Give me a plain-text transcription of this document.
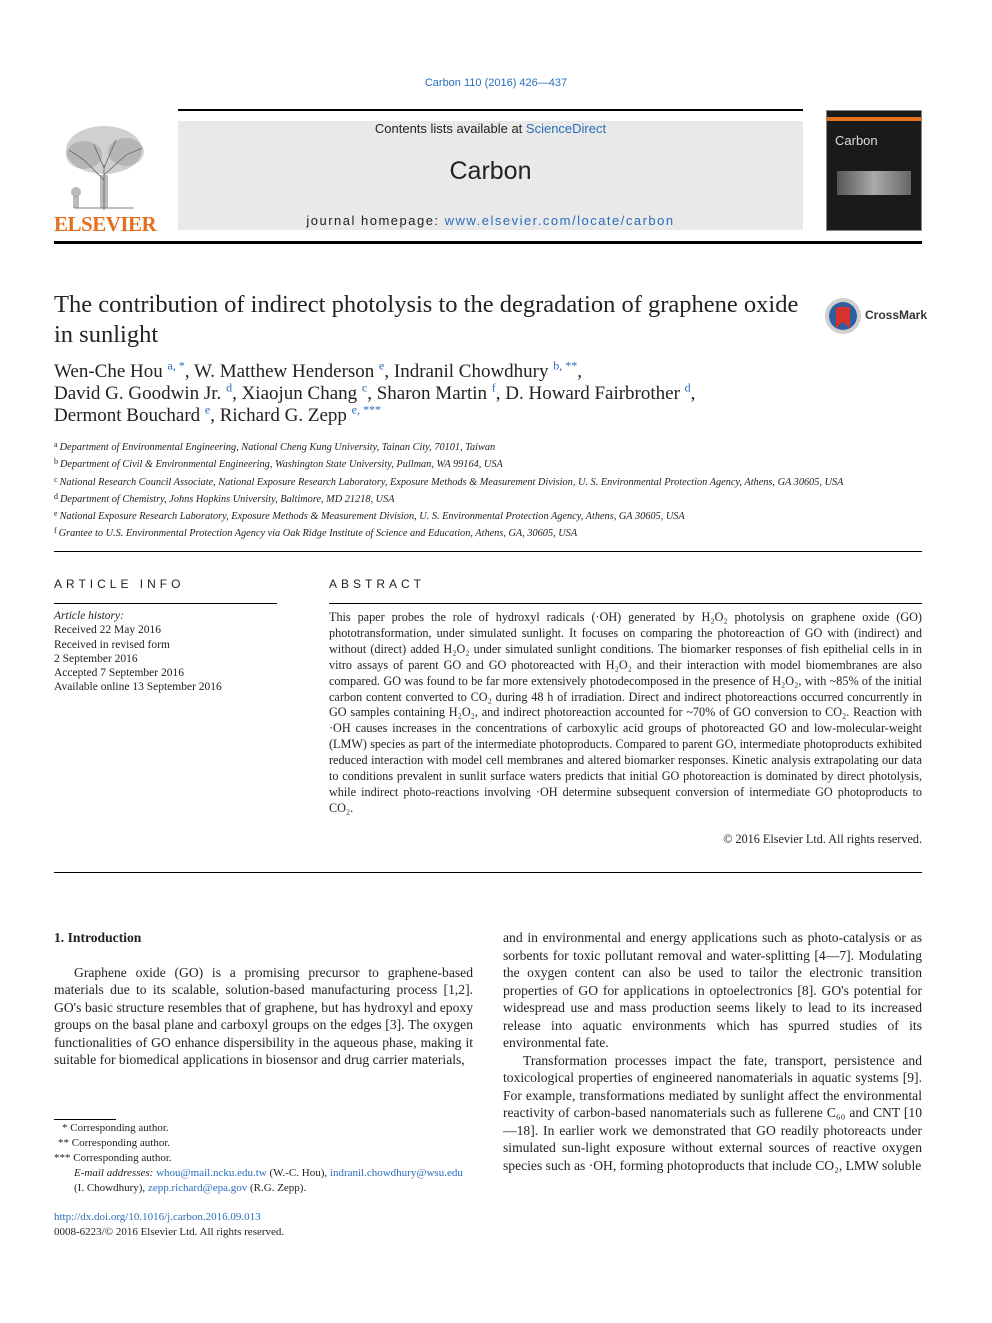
Carbon 110 (2016) 426—437
ELSEVIER
Contents lists available at ScienceDirect
Carbon
journal homepage: www.elsevier.com/locate/carbon
Carbon
The contribution of indirect photolysis to the degradation of graphene oxide in sunlight
CrossMark
Wen-Che Hou $^{a, *}$, W. Matthew Henderson $^e$, Indranil Chowdhury $^{b, **}$,
David G. Goodwin Jr. $^d$, Xiaojun Chang $^c$, Sharon Martin $^f$, D. Howard Fairbrother $^d$,
Dermont Bouchard $^e$, Richard G. Zepp $^{e, ***}$
$^a$ Department of Environmental Engineering, National Cheng Kung University, Tainan City, 70101, Taiwan
$^b$ Department of Civil & Environmental Engineering, Washington State University, Pullman, WA 99164, USA
$^c$ National Research Council Associate, National Exposure Research Laboratory, Exposure Methods & Measurement Division, U. S. Environmental Protection Agency, Athens, GA 30605, USA
$^d$ Department of Chemistry, Johns Hopkins University, Baltimore, MD 21218, USA
$^e$ National Exposure Research Laboratory, Exposure Methods & Measurement Division, U. S. Environmental Protection Agency, Athens, GA 30605, USA
$^f$ Grantee to U.S. Environmental Protection Agency via Oak Ridge Institute of Science and Education, Athens, GA, 30605, USA
ARTICLE INFO
Article history:
Received 22 May 2016
Received in revised form
2 September 2016
Accepted 7 September 2016
Available online 13 September 2016
ABSTRACT
This paper probes the role of hydroxyl radicals (·OH) generated by H₂O₂ photolysis on graphene oxide (GO) phototransformation, under simulated sunlight. It focuses on comparing the photoreaction of GO with (indirect) and without (direct) added H₂O₂ under simulated sunlight conditions. The biomarker responses of fish epithelial cells in in vitro assays of parent GO and GO photoreacted with H₂O₂ and their interaction with model biomembranes are also compared. GO was found to be far more extensively photodecomposed in the presence of H₂O₂, with ~85% of the initial carbon content converted to CO₂ during 48 h of irradiation. Direct and indirect photoreactions occurred concurrently in GO samples containing H₂O₂, and indirect photoreaction accounted for ~70% of GO conversion to CO₂. Reaction with ·OH causes increases in the concentrations of carboxylic acid groups of photoreacted GO and low-molecular-weight (LMW) species as part of the intermediate photoproducts. Compared to parent GO, intermediate photoproducts exhibited reduced interaction with model cell membranes and altered biomarker responses. Kinetic analysis extrapolating our data to conditions prevalent in sunlit surface waters predicts that initial GO photoreaction is dominated by direct photolysis, while indirect photo-reactions involving ·OH determine subsequent conversion of intermediate GO photoproducts to CO₂.
© 2016 Elsevier Ltd. All rights reserved.
1. Introduction

Graphene oxide (GO) is a promising precursor to graphene-based materials due to its scalable, solution-based manufacturing process [1,2]. GO's basic structure resembles that of graphene, but has hydroxyl and epoxy groups on the basal plane and carboxyl groups on the edges [3]. The oxygen functionalities of GO enhance dispersibility in the aqueous phase, making it suitable for biomedical applications in biosensor and drug carrier materials,

and in environmental and energy applications such as photo-catalysis or as sorbents for toxic pollutant removal and water-splitting [4—7]. Modulating the oxygen content can also be used to tailor the electronic transition properties of GO for applications in optoelectronics [8]. GO's potential for widespread use and mass production seems likely to lead to its increased release into aquatic environments which has spurred studies of its environmental fate.

Transformation processes impact the fate, transport, persistence and toxicological properties of engineered nanomaterials in aquatic systems [9]. For example, transformations mediated by sunlight affect the environmental reactivity of carbon-based nanomaterials such as fullerene C₆₀ and CNT [10—18]. In earlier work we demonstrated that GO readily photoreacts under simulated sun-light exposure without external sources of reactive oxygen species such as ·OH, forming photoproducts that include CO₂, LMW soluble

* Corresponding author.
** Corresponding author.
*** Corresponding author.
E-mail addresses: whou@mail.ncku.edu.tw (W.-C. Hou), indranil.chowdhury@wsu.edu (I. Chowdhury), zepp.richard@epa.gov (R.G. Zepp).
http://dx.doi.org/10.1016/j.carbon.2016.09.013
0008-6223/© 2016 Elsevier Ltd. All rights reserved.
